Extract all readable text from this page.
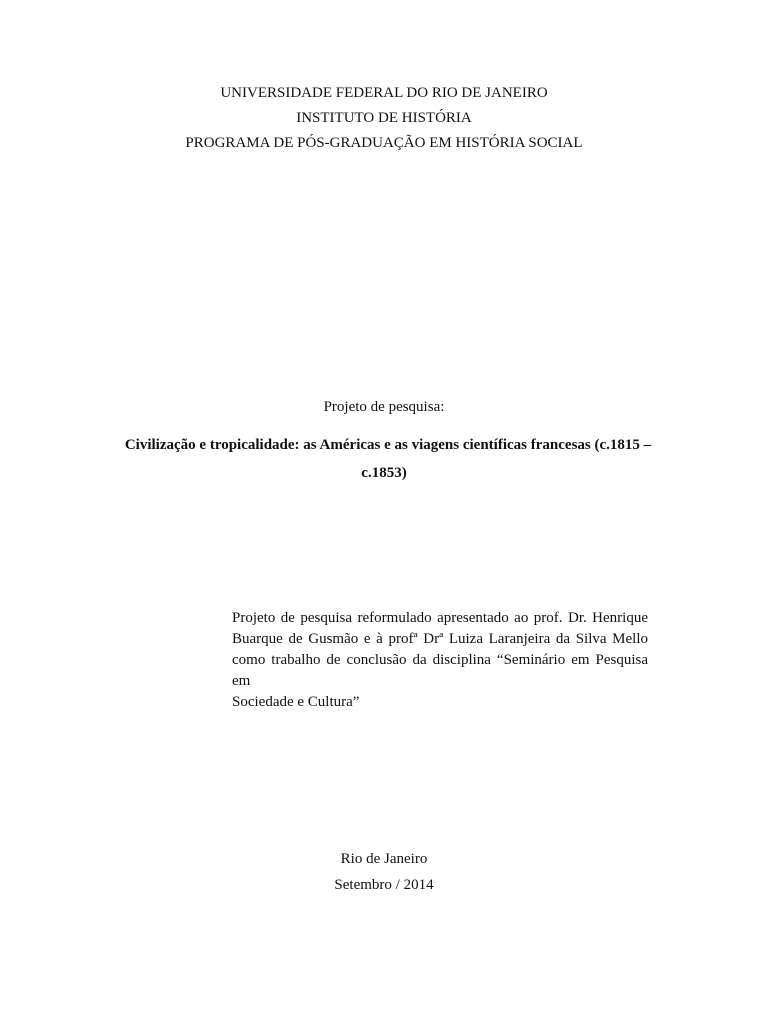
UNIVERSIDADE FEDERAL DO RIO DE JANEIRO
INSTITUTO DE HISTÓRIA
PROGRAMA DE PÓS-GRADUAÇÃO EM HISTÓRIA SOCIAL
Projeto de pesquisa:
Civilização e tropicalidade: as Américas e as viagens científicas francesas (c.1815 –
c.1853)
Projeto de pesquisa reformulado apresentado ao prof. Dr. Henrique
Buarque de Gusmão e à profª Drª Luiza Laranjeira da Silva Mello
como trabalho de conclusão da disciplina “Seminário em Pesquisa em
Sociedade e Cultura”
Rio de Janeiro
Setembro / 2014
